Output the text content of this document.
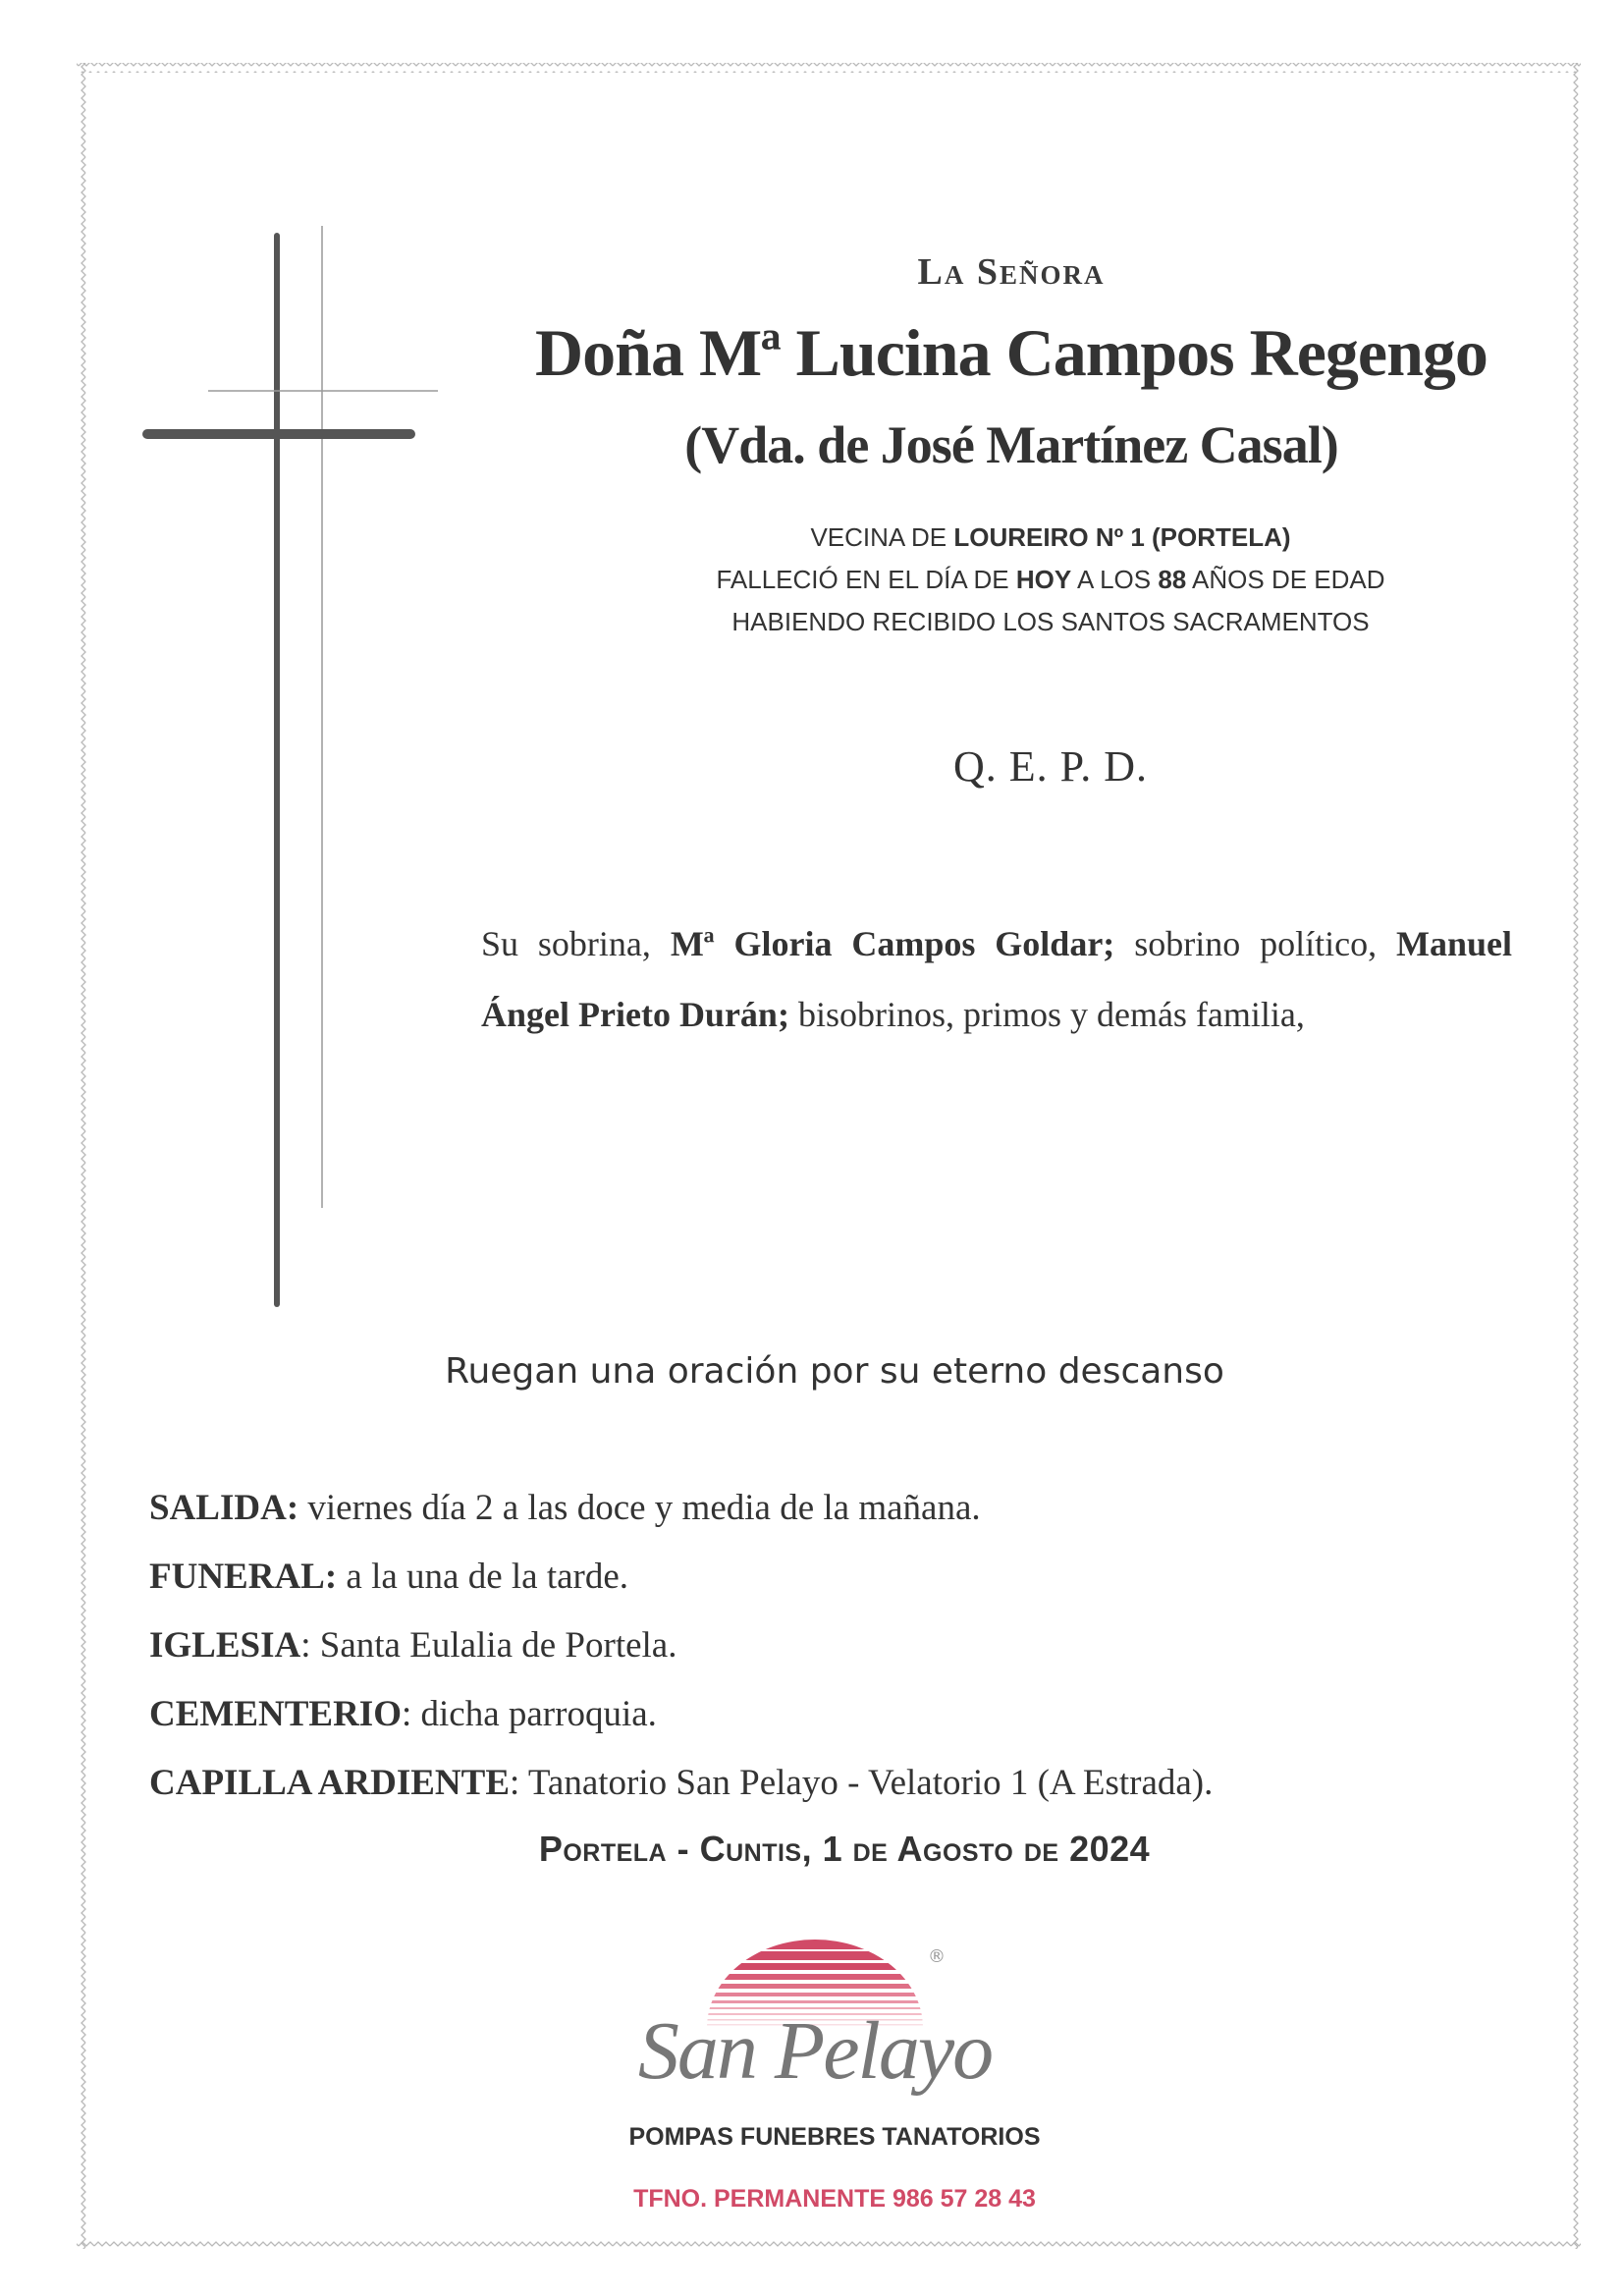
La Señora
Doña Mª Lucina Campos Regengo
(Vda. de José Martínez Casal)
VECINA DE LOUREIRO Nº 1 (PORTELA)
FALLECIÓ EN EL DÍA DE HOY A LOS 88 AÑOS DE EDAD
HABIENDO RECIBIDO LOS SANTOS SACRAMENTOS
Q. E. P. D.
Su sobrina, Mª Gloria Campos Goldar; sobrino político, Manuel Ángel Prieto Durán; bisobrinos, primos y demás familia,
Ruegan una oración por su eterno descanso
SALIDA: viernes día 2 a las doce y media de la mañana.
FUNERAL: a la una de la tarde.
IGLESIA: Santa Eulalia de Portela.
CEMENTERIO: dicha parroquia.
CAPILLA ARDIENTE: Tanatorio San Pelayo - Velatorio 1 (A Estrada).
Portela - Cuntis, 1 de Agosto de 2024
®
San Pelayo
POMPAS FUNEBRES TANATORIOS
TFNO. PERMANENTE 986 57 28 43
